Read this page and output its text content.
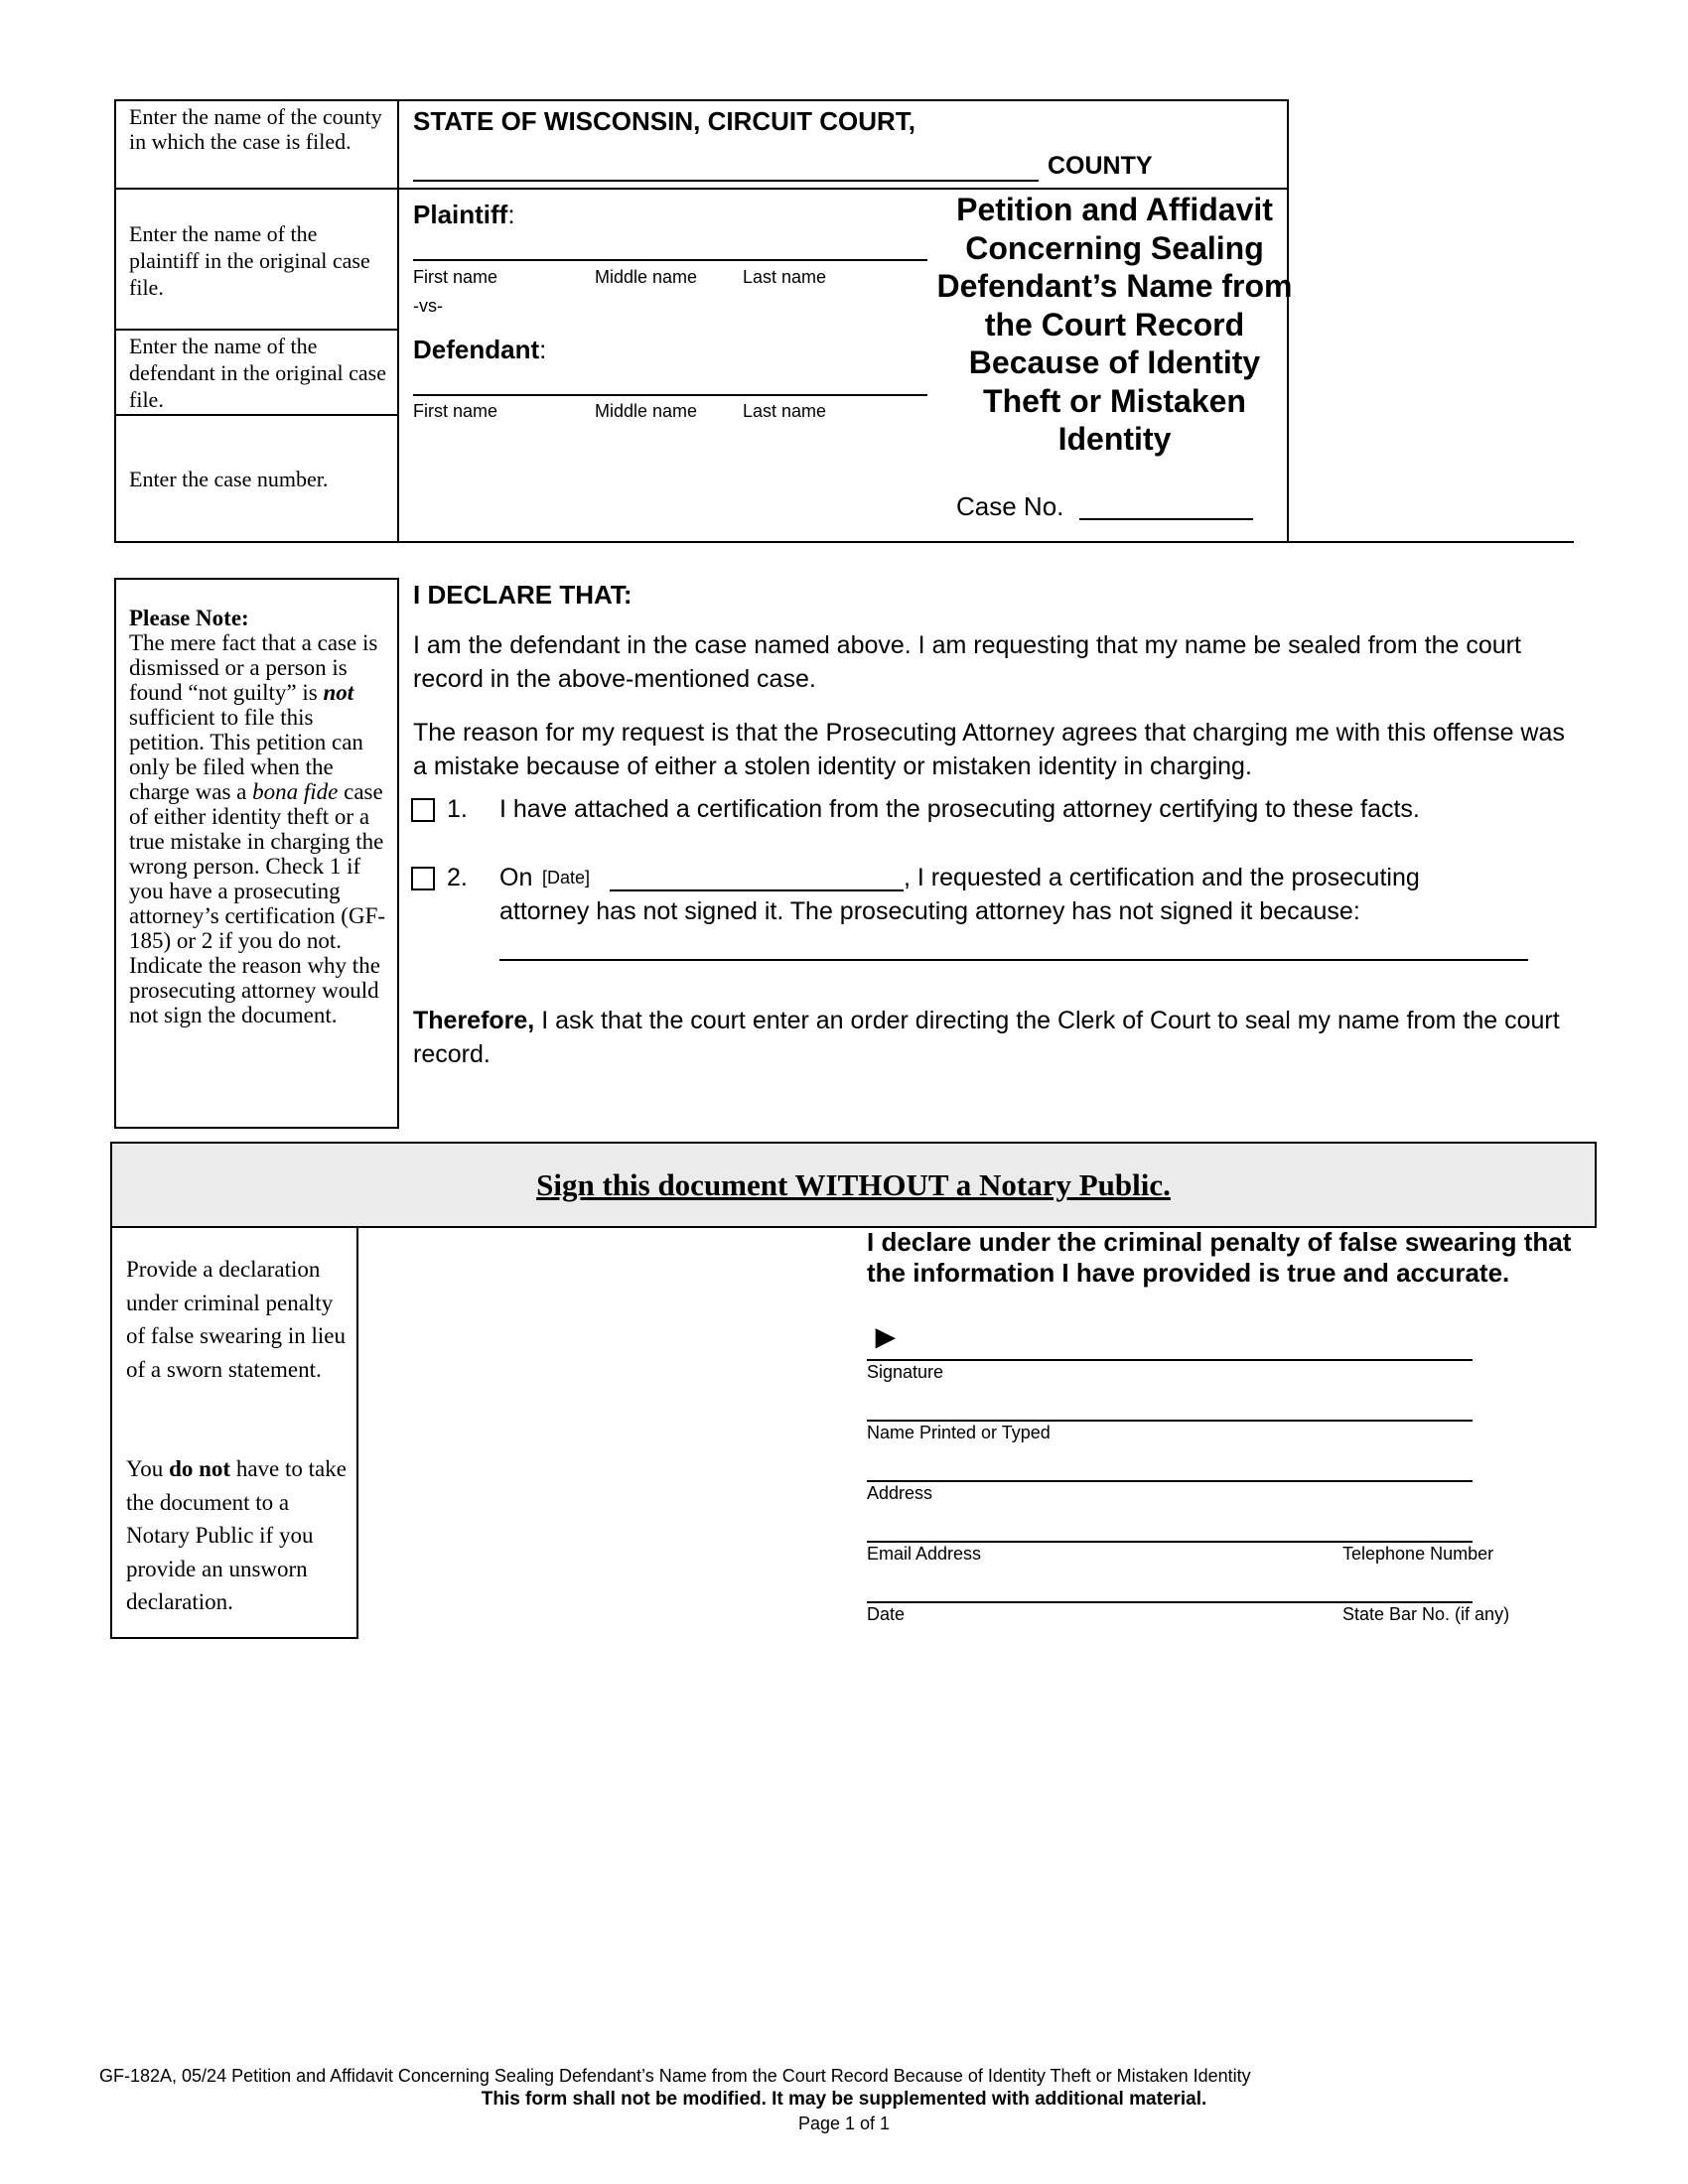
Enter the name of the county in which the case is filed.
Enter the name of the plaintiff in the original case file.
Enter the name of the defendant in the original case file.
Enter the case number.
STATE OF WISCONSIN, CIRCUIT COURT,
COUNTY
Plaintiff:
First name	Middle name	Last name
-vs-
Defendant:
First name	Middle name	Last name
Petition and Affidavit Concerning Sealing Defendant’s Name from the Court Record Because of Identity Theft or Mistaken Identity
Case No.
Please Note:
The mere fact that a case is dismissed or a person is found “not guilty” is not sufficient to file this petition. This petition can only be filed when the charge was a bona fide case of either identity theft or a true mistake in charging the wrong person. Check 1 if you have a prosecuting attorney’s certification (GF-185) or 2 if you do not. Indicate the reason why the prosecuting attorney would not sign the document.
I DECLARE THAT:
I am the defendant in the case named above. I am requesting that my name be sealed from the court record in the above-mentioned case.
The reason for my request is that the Prosecuting Attorney agrees that charging me with this offense was a mistake because of either a stolen identity or mistaken identity in charging.
1. I have attached a certification from the prosecuting attorney certifying to these facts.
2. On [Date]	, I requested a certification and the prosecuting
attorney has not signed it. The prosecuting attorney has not signed it because:
Therefore, I ask that the court enter an order directing the Clerk of Court to seal my name from the court record.
Sign this document WITHOUT a Notary Public.
Provide a declaration under criminal penalty of false swearing in lieu of a sworn statement.
You do not have to take the document to a Notary Public if you provide an unsworn declaration.
I declare under the criminal penalty of false swearing that the information I have provided is true and accurate.
►
Signature
Name Printed or Typed
Address
Email Address	Telephone Number
Date	State Bar No. (if any)
GF-182A, 05/24 Petition and Affidavit Concerning Sealing Defendant’s Name from the Court Record Because of Identity Theft or Mistaken Identity
This form shall not be modified. It may be supplemented with additional material.
Page 1 of 1
